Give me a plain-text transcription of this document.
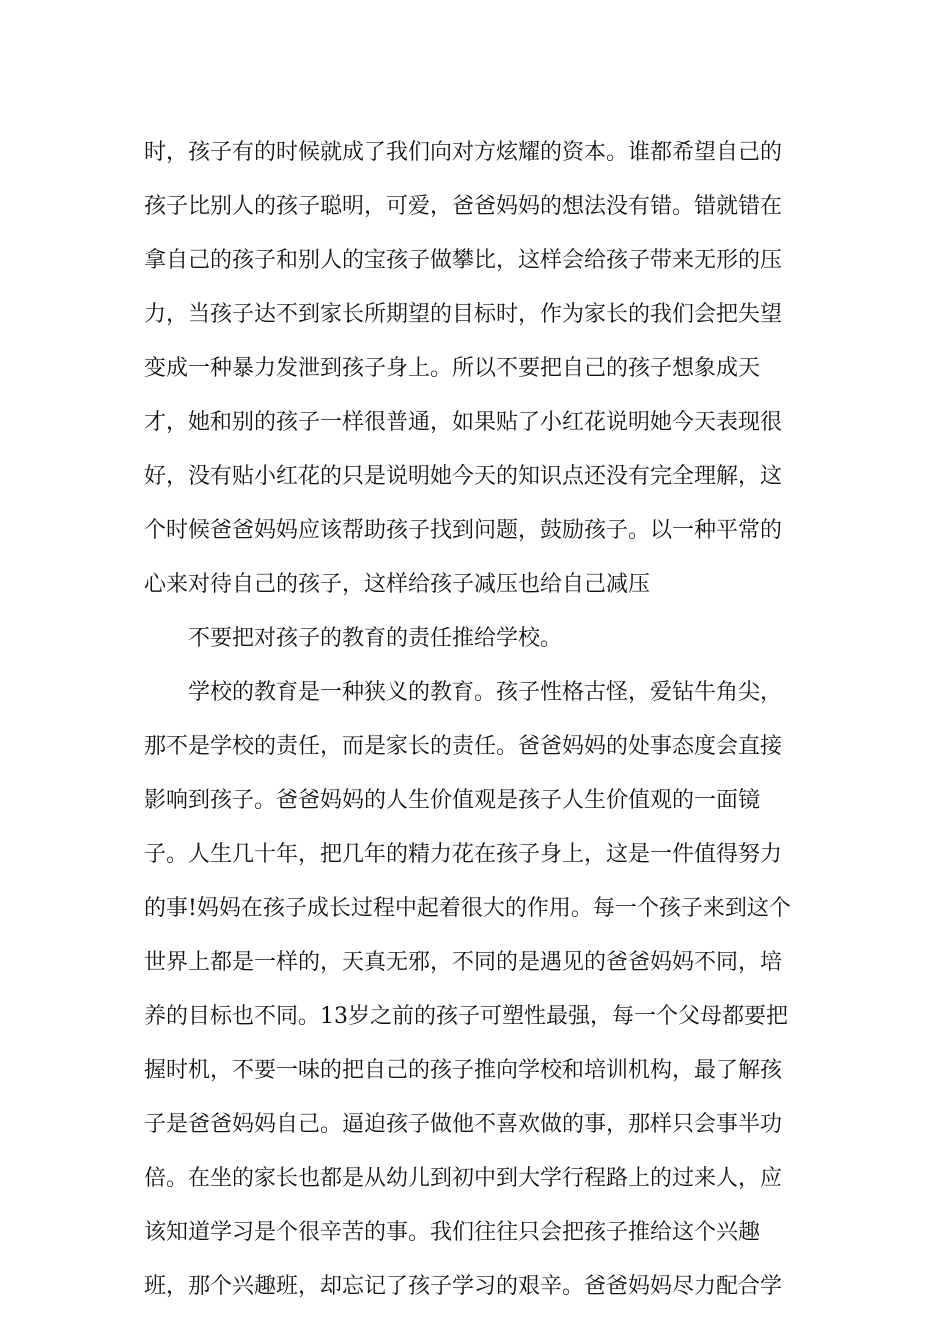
时，孩子有的时候就成了我们向对方炫耀的资本。谁都希望自己的

孩子比别人的孩子聪明，可爱，爸爸妈妈的想法没有错。错就错在

拿自己的孩子和别人的宝孩子做攀比，这样会给孩子带来无形的压

力，当孩子达不到家长所期望的目标时，作为家长的我们会把失望

变成一种暴力发泄到孩子身上。所以不要把自己的孩子想象成天

才，她和别的孩子一样很普通，如果贴了小红花说明她今天表现很

好，没有贴小红花的只是说明她今天的知识点还没有完全理解，这

个时候爸爸妈妈应该帮助孩子找到问题，鼓励孩子。以一种平常的

心来对待自己的孩子，这样给孩子减压也给自己减压

不要把对孩子的教育的责任推给学校。

学校的教育是一种狭义的教育。孩子性格古怪，爱钻牛角尖，

那不是学校的责任，而是家长的责任。爸爸妈妈的处事态度会直接

影响到孩子。爸爸妈妈的人生价值观是孩子人生价值观的一面镜

子。人生几十年，把几年的精力花在孩子身上，这是一件值得努力

的事!妈妈在孩子成长过程中起着很大的作用。每一个孩子来到这个

世界上都是一样的，天真无邪，不同的是遇见的爸爸妈妈不同，培

养的目标也不同。13岁之前的孩子可塑性最强，每一个父母都要把

握时机，不要一味的把自己的孩子推向学校和培训机构，最了解孩

子是爸爸妈妈自己。逼迫孩子做他不喜欢做的事，那样只会事半功

倍。在坐的家长也都是从幼儿到初中到大学行程路上的过来人，应

该知道学习是个很辛苦的事。我们往往只会把孩子推给这个兴趣

班，那个兴趣班，却忘记了孩子学习的艰辛。爸爸妈妈尽力配合学
